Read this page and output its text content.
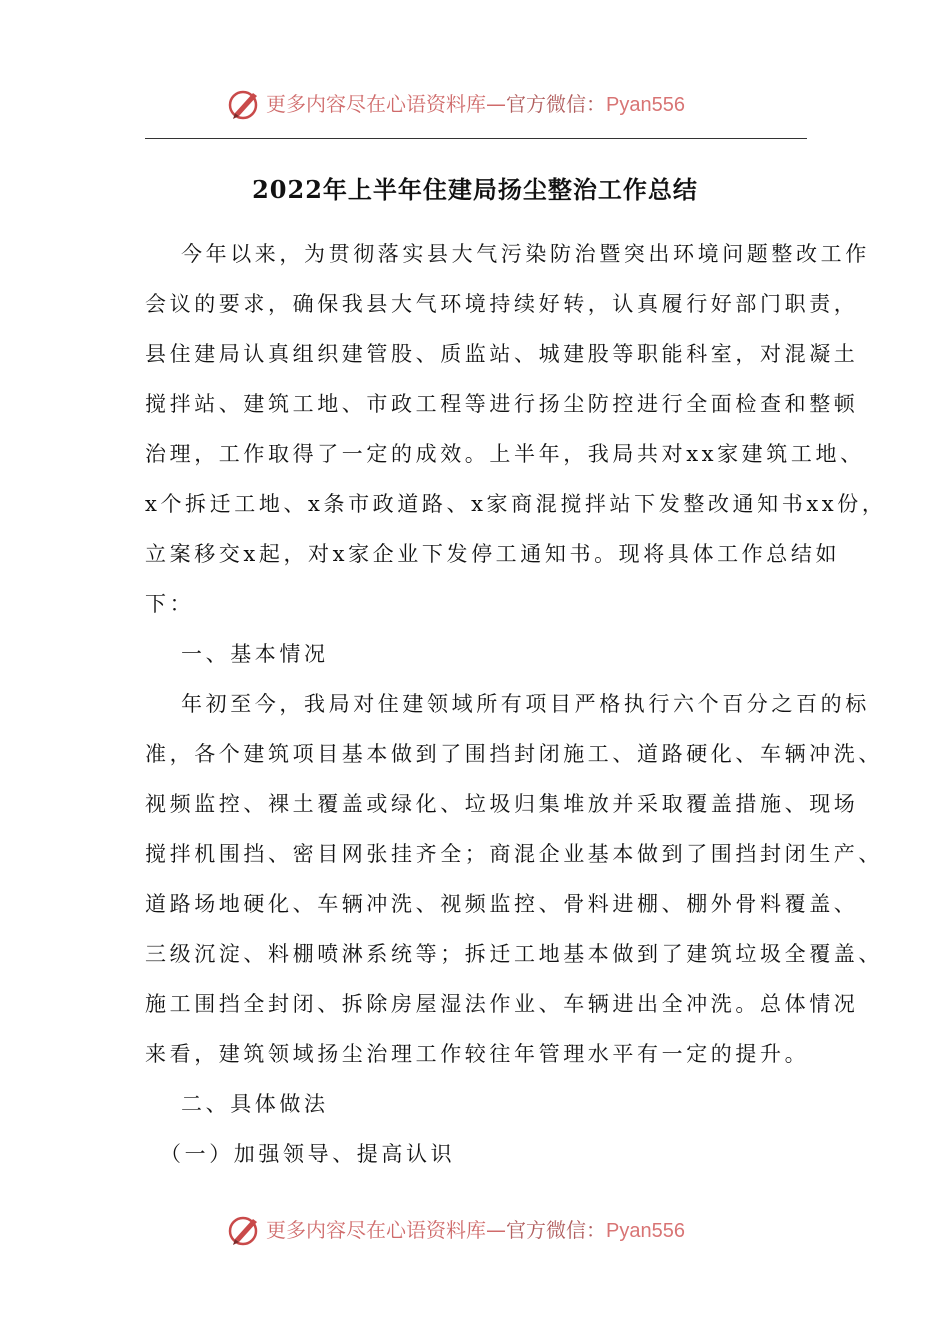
更多内容尽在心语资料库—官方微信：Pyan556
2022年上半年住建局扬尘整治工作总结
今年以来，为贯彻落实县大气污染防治暨突出环境问题整改工作
会议的要求，确保我县大气环境持续好转，认真履行好部门职责，
县住建局认真组织建管股、质监站、城建股等职能科室，对混凝土
搅拌站、建筑工地、市政工程等进行扬尘防控进行全面检查和整顿
治理，工作取得了一定的成效。上半年，我局共对xx家建筑工地、
x个拆迁工地、x条市政道路、x家商混搅拌站下发整改通知书xx份，
立案移交x起，对x家企业下发停工通知书。现将具体工作总结如
下：
一、基本情况
年初至今，我局对住建领域所有项目严格执行六个百分之百的标
准，各个建筑项目基本做到了围挡封闭施工、道路硬化、车辆冲洗、
视频监控、裸土覆盖或绿化、垃圾归集堆放并采取覆盖措施、现场
搅拌机围挡、密目网张挂齐全；商混企业基本做到了围挡封闭生产、
道路场地硬化、车辆冲洗、视频监控、骨料进棚、棚外骨料覆盖、
三级沉淀、料棚喷淋系统等；拆迁工地基本做到了建筑垃圾全覆盖、
施工围挡全封闭、拆除房屋湿法作业、车辆进出全冲洗。总体情况
来看，建筑领域扬尘治理工作较往年管理水平有一定的提升。
二、具体做法
（一）加强领导、提高认识
更多内容尽在心语资料库—官方微信：Pyan556
